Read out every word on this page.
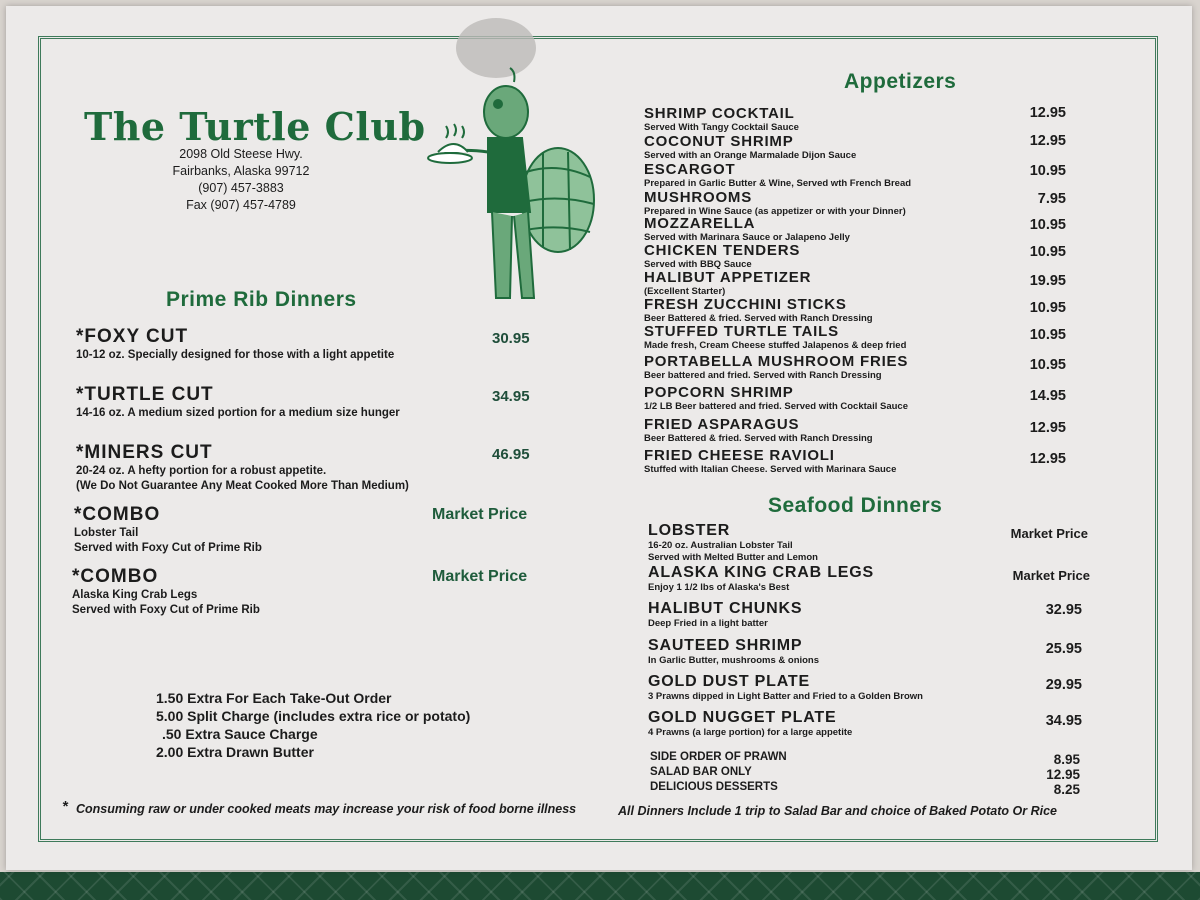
The Turtle Club
2098 Old Steese Hwy.
Fairbanks, Alaska 99712
(907) 457-3883
Fax (907) 457-4789
Prime Rib Dinners
*FOXY CUT
10-12 oz. Specially designed for those with a light appetite
30.95
*TURTLE CUT
14-16 oz. A medium sized portion for a medium size hunger
34.95
*MINERS CUT
20-24 oz. A hefty portion for a robust appetite.
(We Do Not Guarantee Any Meat Cooked More Than Medium)
46.95
*COMBO
Lobster Tail
Served with Foxy Cut of Prime Rib
Market Price
*COMBO
Alaska King Crab Legs
Served with Foxy Cut of Prime Rib
Market Price
1.50 Extra For Each Take-Out Order
5.00 Split Charge (includes extra rice or potato)
.50 Extra Sauce Charge
2.00 Extra Drawn Butter
* Consuming raw or under cooked meats may increase your risk of food borne illness
Appetizers
SHRIMP COCKTAIL
Served With Tangy Cocktail Sauce
12.95
COCONUT SHRIMP
Served with an Orange Marmalade Dijon Sauce
12.95
ESCARGOT
Prepared in Garlic Butter & Wine, Served wth French Bread
10.95
MUSHROOMS
Prepared in Wine Sauce (as appetizer or with your Dinner)
7.95
MOZZARELLA
Served with Marinara Sauce or Jalapeno Jelly
10.95
CHICKEN TENDERS
Served with BBQ Sauce
10.95
HALIBUT APPETIZER
(Excellent Starter)
19.95
FRESH ZUCCHINI STICKS
Beer Battered & fried. Served with Ranch Dressing
10.95
STUFFED TURTLE TAILS
Made fresh, Cream Cheese stuffed Jalapenos & deep fried
10.95
PORTABELLA MUSHROOM FRIES
Beer battered and fried. Served with Ranch Dressing
10.95
POPCORN SHRIMP
1/2 LB Beer battered and fried. Served with Cocktail Sauce
14.95
FRIED ASPARAGUS
Beer Battered & fried. Served with Ranch Dressing
12.95
FRIED CHEESE RAVIOLI
Stuffed with Italian Cheese. Served with Marinara Sauce
12.95
Seafood Dinners
LOBSTER
16-20 oz. Australian Lobster Tail
Served with Melted Butter and Lemon
Market Price
ALASKA KING CRAB LEGS
Enjoy 1 1/2 lbs of Alaska's Best
Market Price
HALIBUT CHUNKS
Deep Fried in a light batter
32.95
SAUTEED SHRIMP
In Garlic Butter, mushrooms & onions
25.95
GOLD DUST PLATE
3 Prawns dipped in Light Batter and Fried to a Golden Brown
29.95
GOLD NUGGET PLATE
4 Prawns (a large portion) for a large appetite
34.95
SIDE ORDER OF PRAWN	8.95
SALAD BAR ONLY	12.95
DELICIOUS DESSERTS	8.25
All Dinners Include 1 trip to Salad Bar and choice of Baked Potato Or Rice
